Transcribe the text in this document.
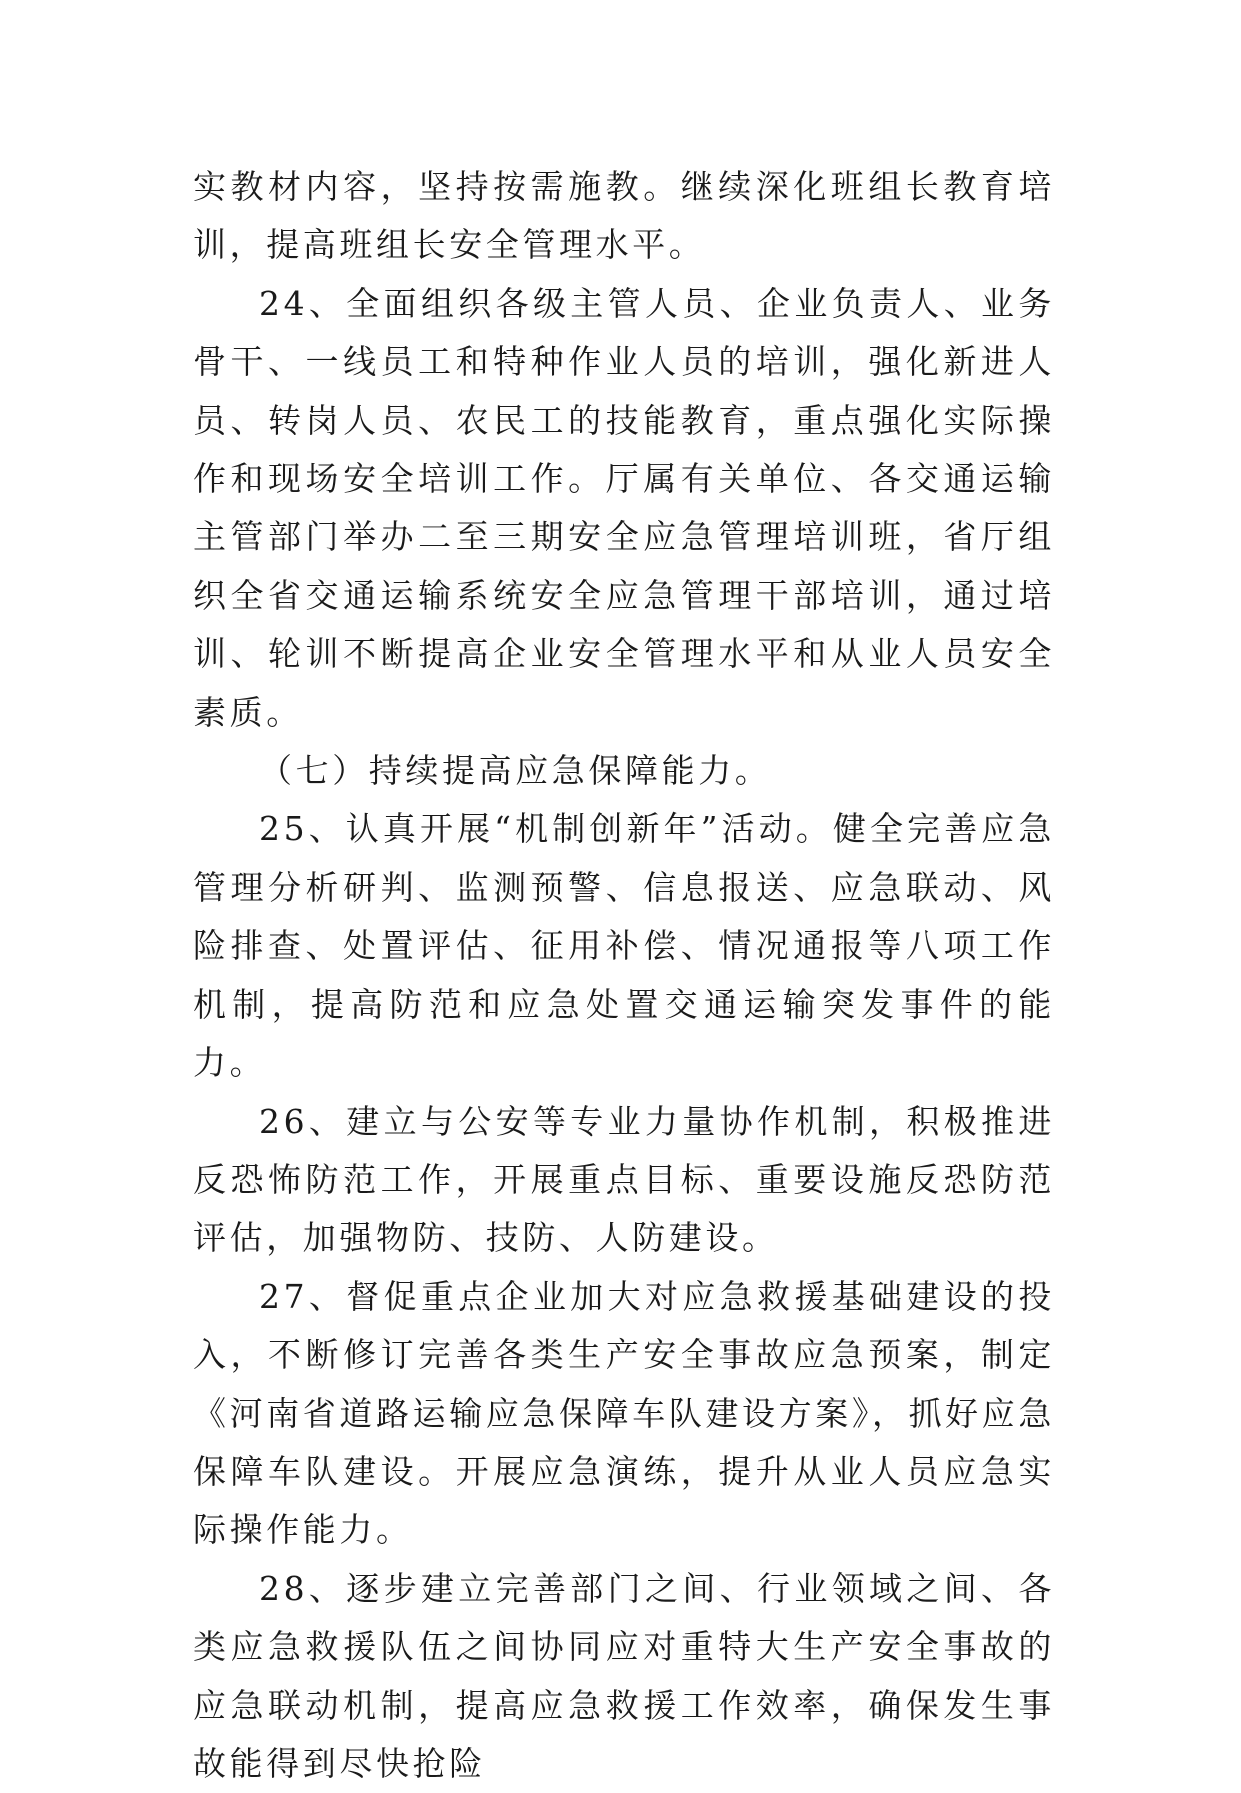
实教材内容，坚持按需施教。继续深化班组长教育培训，提高班组长安全管理水平。

24、全面组织各级主管人员、企业负责人、业务骨干、一线员工和特种作业人员的培训，强化新进人员、转岗人员、农民工的技能教育，重点强化实际操作和现场安全培训工作。厅属有关单位、各交通运输主管部门举办二至三期安全应急管理培训班，省厅组织全省交通运输系统安全应急管理干部培训，通过培训、轮训不断提高企业安全管理水平和从业人员安全素质。

（七）持续提高应急保障能力。

25、认真开展“机制创新年”活动。健全完善应急管理分析研判、监测预警、信息报送、应急联动、风险排查、处置评估、征用补偿、情况通报等八项工作机制，提高防范和应急处置交通运输突发事件的能力。

26、建立与公安等专业力量协作机制，积极推进反恐怖防范工作，开展重点目标、重要设施反恐防范评估，加强物防、技防、人防建设。

27、督促重点企业加大对应急救援基础建设的投入，不断修订完善各类生产安全事故应急预案，制定《河南省道路运输应急保障车队建设方案》，抓好应急保障车队建设。开展应急演练，提升从业人员应急实际操作能力。

28、逐步建立完善部门之间、行业领域之间、各类应急救援队伍之间协同应对重特大生产安全事故的应急联动机制，提高应急救援工作效率，确保发生事故能得到尽快抢险
